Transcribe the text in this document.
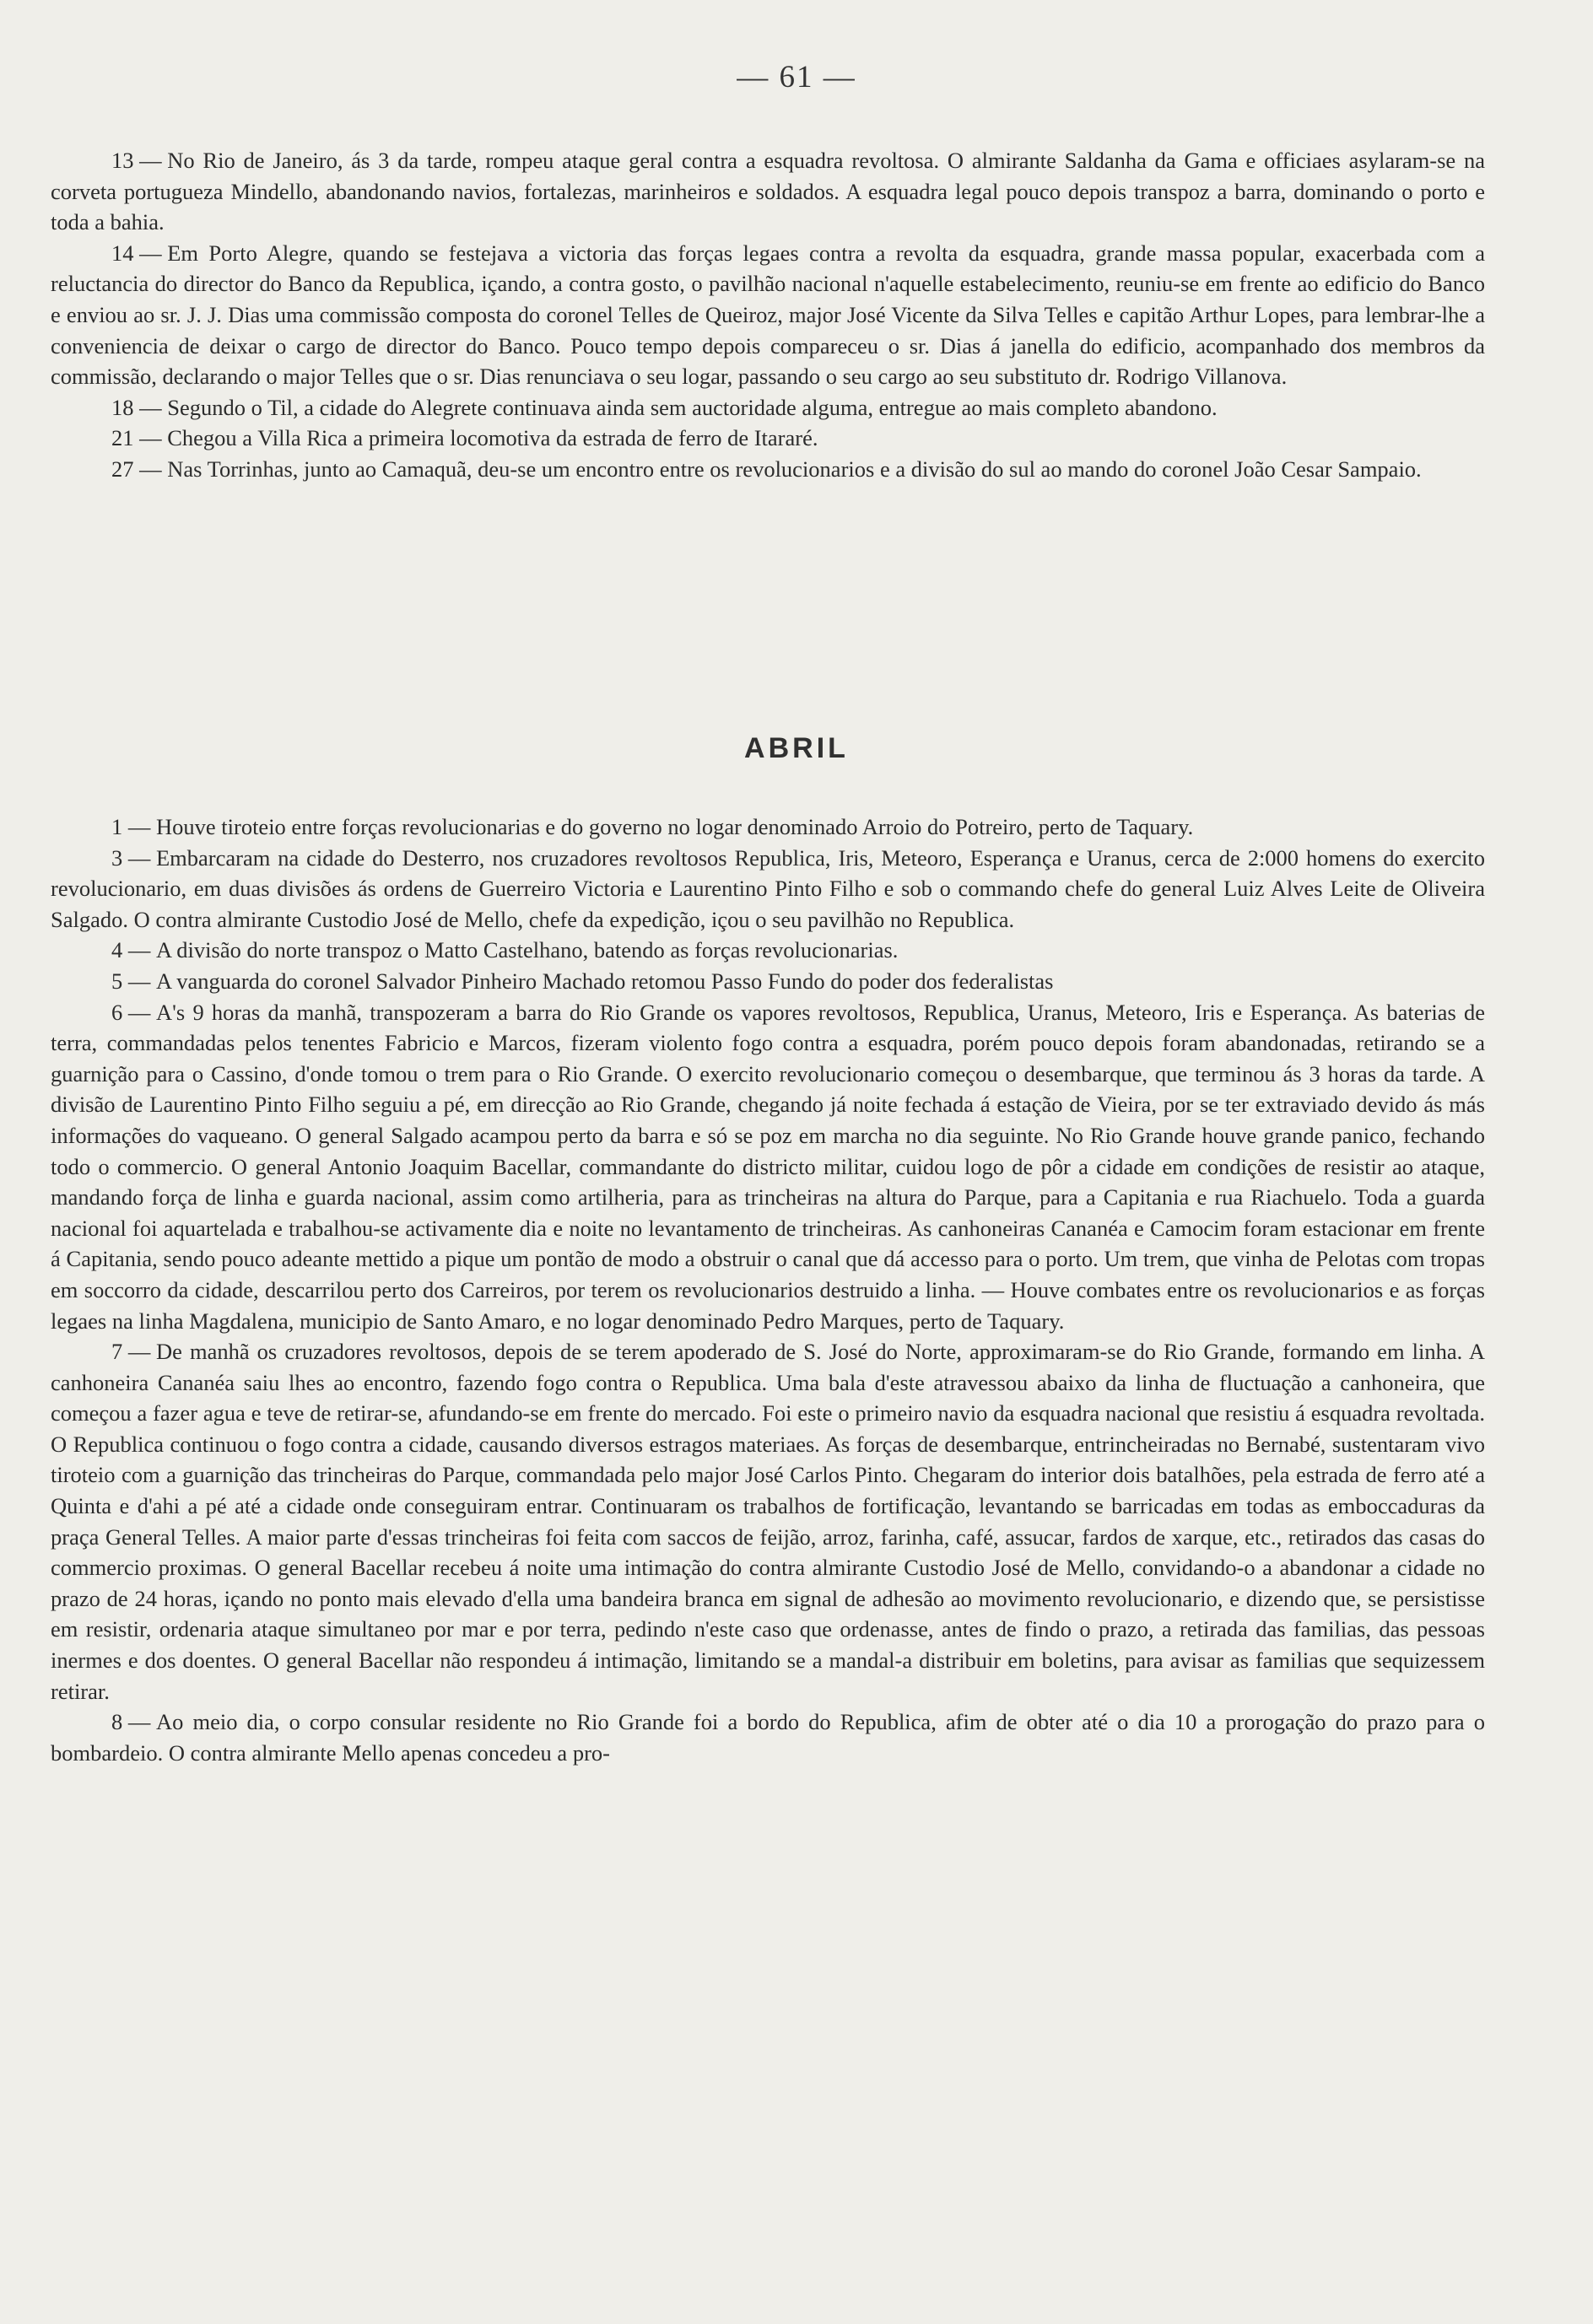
— 61 —

13 — No Rio de Janeiro, ás 3 da tarde, rompeu ataque geral contra a esquadra revoltosa. O almirante Saldanha da Gama e officiaes asylaram-se na corveta portugueza Mindello, abandonando navios, fortalezas, marinheiros e soldados. A esquadra legal pouco depois transpoz a barra, dominando o porto e toda a bahia.

14 — Em Porto Alegre, quando se festejava a victoria das forças legaes contra a revolta da esquadra, grande massa popular, exacerbada com a reluctancia do director do Banco da Republica, içando, a contra gosto, o pavilhão nacional n'aquelle estabelecimento, reuniu-se em frente ao edificio do Banco e enviou ao sr. J. J. Dias uma commissão composta do coronel Telles de Queiroz, major José Vicente da Silva Telles e capitão Arthur Lopes, para lembrar-lhe a conveniencia de deixar o cargo de director do Banco. Pouco tempo depois compareceu o sr. Dias á janella do edificio, acompanhado dos membros da commissão, declarando o major Telles que o sr. Dias renunciava o seu logar, passando o seu cargo ao seu substituto dr. Rodrigo Villanova.

18 — Segundo o Til, a cidade do Alegrete continuava ainda sem auctoridade alguma, entregue ao mais completo abandono.

21 — Chegou a Villa Rica a primeira locomotiva da estrada de ferro de Itararé.

27 — Nas Torrinhas, junto ao Camaquã, deu-se um encontro entre os revolucionarios e a divisão do sul ao mando do coronel João Cesar Sampaio.

ABRIL

1 — Houve tiroteio entre forças revolucionarias e do governo no logar denominado Arroio do Potreiro, perto de Taquary.

3 — Embarcaram na cidade do Desterro, nos cruzadores revoltosos Republica, Iris, Meteoro, Esperança e Uranus, cerca de 2:000 homens do exercito revolucionario, em duas divisões ás ordens de Guerreiro Victoria e Laurentino Pinto Filho e sob o commando chefe do general Luiz Alves Leite de Oliveira Salgado. O contra almirante Custodio José de Mello, chefe da expedição, içou o seu pavilhão no Republica.

4 — A divisão do norte transpoz o Matto Castelhano, batendo as forças revolucionarias.

5 — A vanguarda do coronel Salvador Pinheiro Machado retomou Passo Fundo do poder dos federalistas

6 — A's 9 horas da manhã, transpozeram a barra do Rio Grande os vapores revoltosos, Republica, Uranus, Meteoro, Iris e Esperança. As baterias de terra, commandadas pelos tenentes Fabricio e Marcos, fizeram violento fogo contra a esquadra, porém pouco depois foram abandonadas, retirando se a guarnição para o Cassino, d'onde tomou o trem para o Rio Grande. O exercito revolucionario começou o desembarque, que terminou ás 3 horas da tarde. A divisão de Laurentino Pinto Filho seguiu a pé, em direcção ao Rio Grande, chegando já noite fechada á estação de Vieira, por se ter extraviado devido ás más informações do vaqueano. O general Salgado acampou perto da barra e só se poz em marcha no dia seguinte. No Rio Grande houve grande panico, fechando todo o commercio. O general Antonio Joaquim Bacellar, commandante do districto militar, cuidou logo de pôr a cidade em condições de resistir ao ataque, mandando força de linha e guarda nacional, assim como artilheria, para as trincheiras na altura do Parque, para a Capitania e rua Riachuelo. Toda a guarda nacional foi aquartelada e trabalhou-se activamente dia e noite no levantamento de trincheiras. As canhoneiras Cananéa e Camocim foram estacionar em frente á Capitania, sendo pouco adeante mettido a pique um pontão de modo a obstruir o canal que dá accesso para o porto. Um trem, que vinha de Pelotas com tropas em soccorro da cidade, descarrilou perto dos Carreiros, por terem os revolucionarios destruido a linha. — Houve combates entre os revolucionarios e as forças legaes na linha Magdalena, municipio de Santo Amaro, e no logar denominado Pedro Marques, perto de Taquary.

7 — De manhã os cruzadores revoltosos, depois de se terem apoderado de S. José do Norte, approximaram-se do Rio Grande, formando em linha. A canhoneira Cananéa saiu lhes ao encontro, fazendo fogo contra o Republica. Uma bala d'este atravessou abaixo da linha de fluctuação a canhoneira, que começou a fazer agua e teve de retirar-se, afundando-se em frente do mercado. Foi este o primeiro navio da esquadra nacional que resistiu á esquadra revoltada. O Republica continuou o fogo contra a cidade, causando diversos estragos materiaes. As forças de desembarque, entrincheiradas no Bernabé, sustentaram vivo tiroteio com a guarnição das trincheiras do Parque, commandada pelo major José Carlos Pinto. Chegaram do interior dois batalhões, pela estrada de ferro até a Quinta e d'ahi a pé até a cidade onde conseguiram entrar. Continuaram os trabalhos de fortificação, levantando se barricadas em todas as emboccaduras da praça General Telles. A maior parte d'essas trincheiras foi feita com saccos de feijão, arroz, farinha, café, assucar, fardos de xarque, etc., retirados das casas do commercio proximas. O general Bacellar recebeu á noite uma intimação do contra almirante Custodio José de Mello, convidando-o a abandonar a cidade no prazo de 24 horas, içando no ponto mais elevado d'ella uma bandeira branca em signal de adhesão ao movimento revolucionario, e dizendo que, se persistisse em resistir, ordenaria ataque simultaneo por mar e por terra, pedindo n'este caso que ordenasse, antes de findo o prazo, a retirada das familias, das pessoas inermes e dos doentes. O general Bacellar não respondeu á intimação, limitando se a mandal-a distribuir em boletins, para avisar as familias que sequizessem retirar.

8 — Ao meio dia, o corpo consular residente no Rio Grande foi a bordo do Republica, afim de obter até o dia 10 a prorogação do prazo para o bombardeio. O contra almirante Mello apenas concedeu a pro-
